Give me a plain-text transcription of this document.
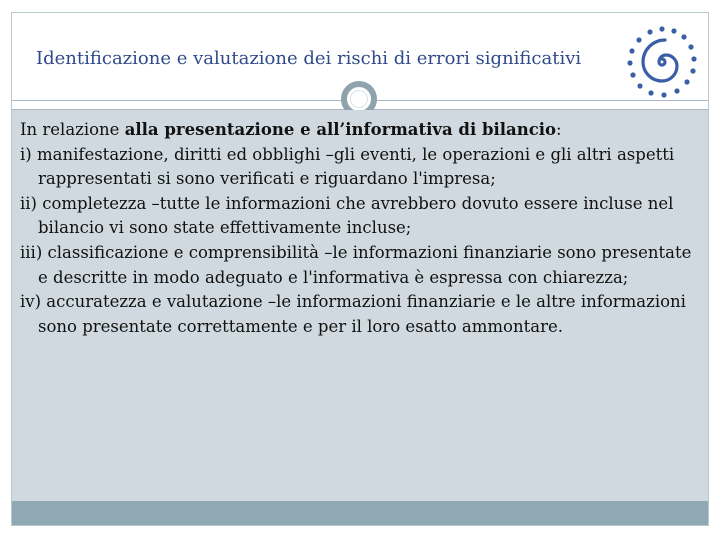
Identificazione e valutazione dei rischi di errori significativi

In relazione alla presentazione e all’informativa di bilancio:

i) manifestazione, diritti ed obblighi –gli eventi, le operazioni e gli altri aspetti rappresentati si sono verificati e riguardano l'impresa;

ii) completezza –tutte le informazioni che avrebbero dovuto essere incluse nel bilancio vi sono state effettivamente incluse;

iii) classificazione e comprensibilità –le informazioni finanziarie sono presentate e descritte in modo adeguato e l'informativa è espressa con chiarezza;

iv) accuratezza e valutazione –le informazioni finanziarie e le altre informazioni sono presentate correttamente e per il loro esatto ammontare.
